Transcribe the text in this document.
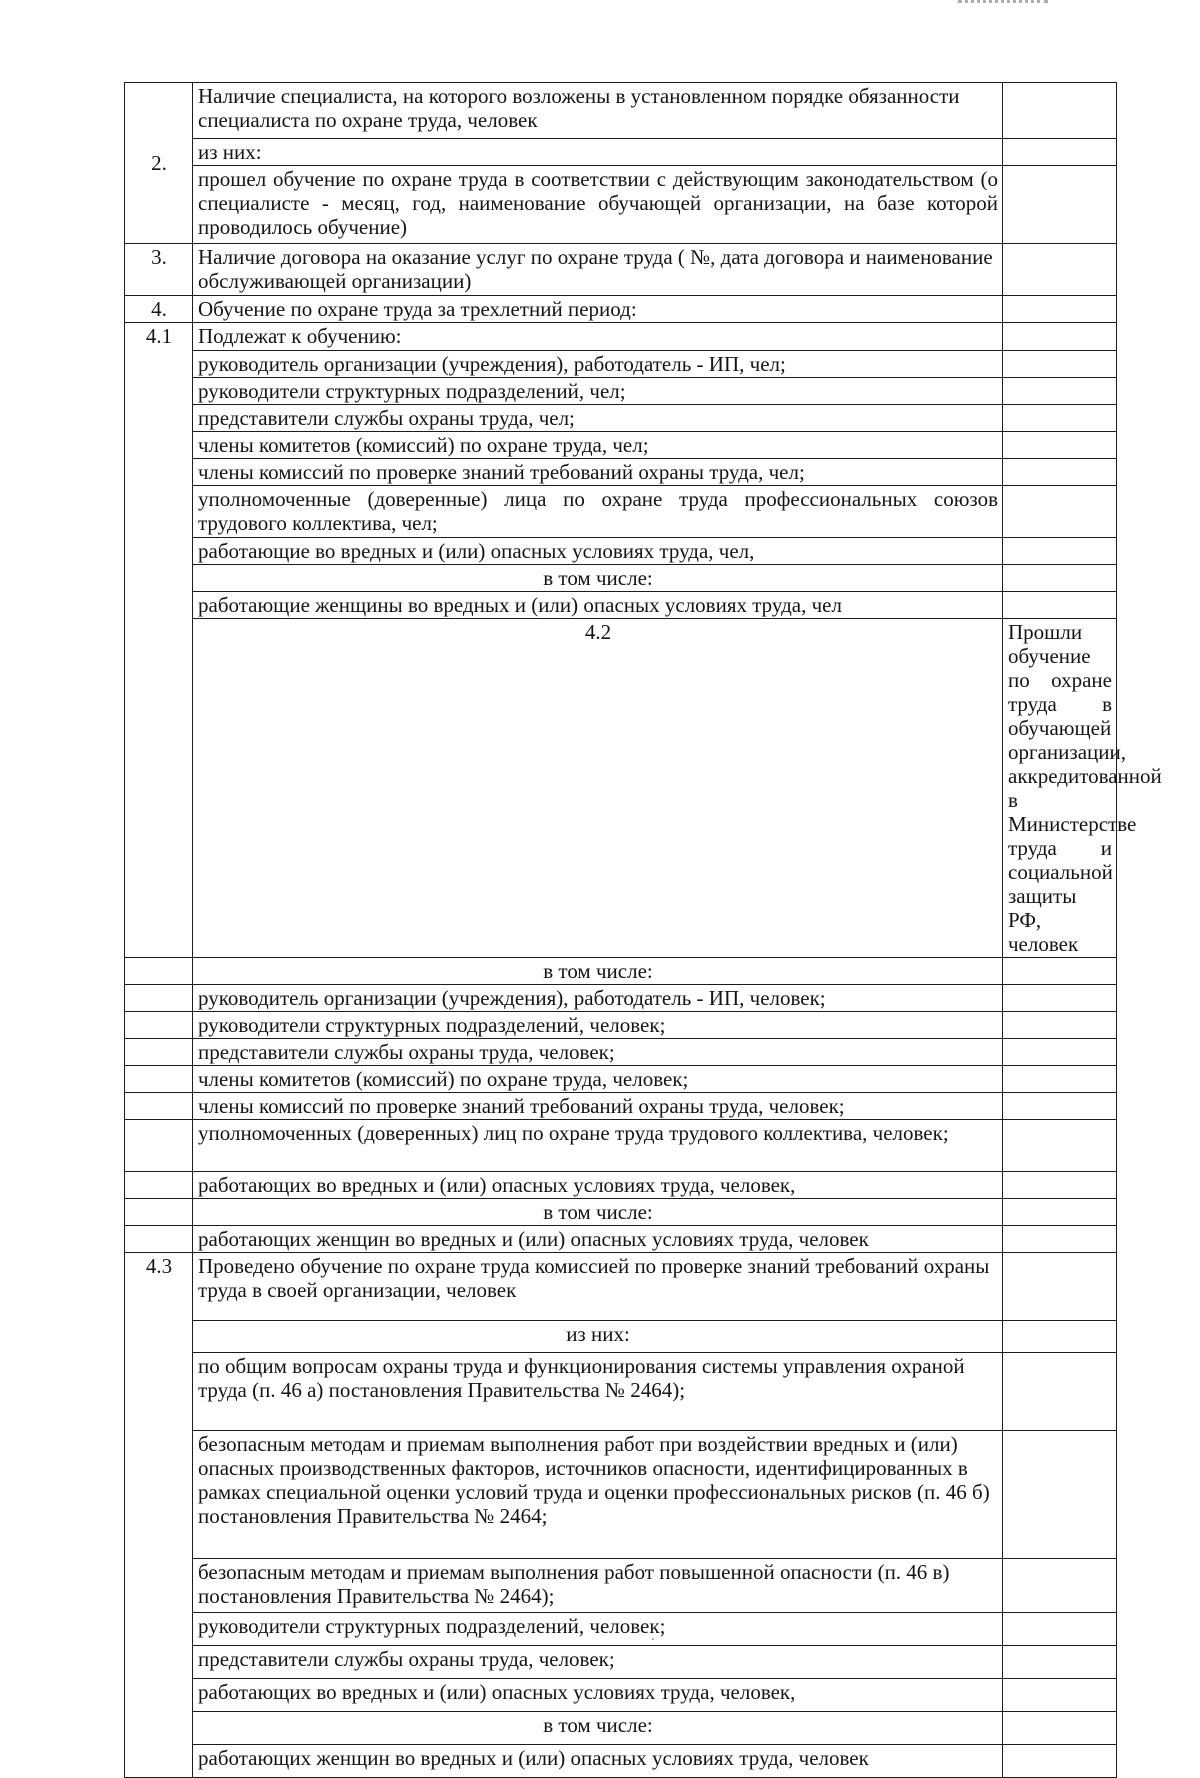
2.	Наличие специалиста, на которого возложены в установленном порядке обязанности специалиста по охране труда, человек		
	из них:		
	прошел обучение по охране труда в соответствии с действующим законодательством (о специалисте - месяц, год, наименование обучающей организации, на базе которой проводилось обучение)		
3.	Наличие договора на оказание услуг по охране труда ( №, дата договора и наименование обслуживающей организации)		
4.	Обучение по охране труда за трехлетний период:		
4.1	Подлежат к обучению:		
	руководитель организации (учреждения), работодатель - ИП, чел;		
	руководители структурных подразделений, чел;		
	представители службы охраны труда, чел;		
	члены комитетов (комиссий) по охране труда, чел;		
	члены комиссий по проверке знаний требований охраны труда, чел;		
	уполномоченные (доверенные) лица по охране труда профессиональных союзов трудового коллектива, чел;		
	работающие во вредных и (или) опасных условиях труда, чел,		
	в том числе:		
	работающие женщины во вредных и (или) опасных условиях труда, чел		
	4.2	Прошли обучение по охране труда в обучающей организации, аккредитованной в Министерстве труда и социальной защиты РФ, человек	
	в том числе:		
	руководитель организации (учреждения), работодатель - ИП, человек;		
	руководители структурных подразделений, человек;		
	представители службы охраны труда, человек;		
	члены комитетов (комиссий) по охране труда, человек;		
	члены комиссий по проверке знаний требований охраны труда, человек;		
	уполномоченных (доверенных) лиц по охране труда трудового коллектива, человек;		
	работающих во вредных и (или) опасных условиях труда, человек,		
	в том числе:		
	работающих женщин во вредных и (или) опасных условиях труда, человек		
4.3	Проведено обучение по охране труда комиссией по проверке знаний требований охраны труда в своей организации, человек		
	из них:		
	по общим вопросам охраны труда и функционирования системы управления охраной труда (п. 46 а) постановления Правительства № 2464);		
	безопасным методам и приемам выполнения работ при воздействии вредных и (или) опасных производственных факторов, источников опасности, идентифицированных в рамках специальной оценки условий труда и оценки профессиональных рисков (п. 46 б) постановления Правительства № 2464;		
	безопасным методам и приемам выполнения работ повышенной опасности (п. 46 в) постановления Правительства № 2464);		
	руководители структурных подразделений, человек;		
	представители службы охраны труда, человек;		
	работающих во вредных и (или) опасных условиях труда, человек,		
	в том числе:		
	работающих женщин во вредных и (или) опасных условиях труда, человек		
